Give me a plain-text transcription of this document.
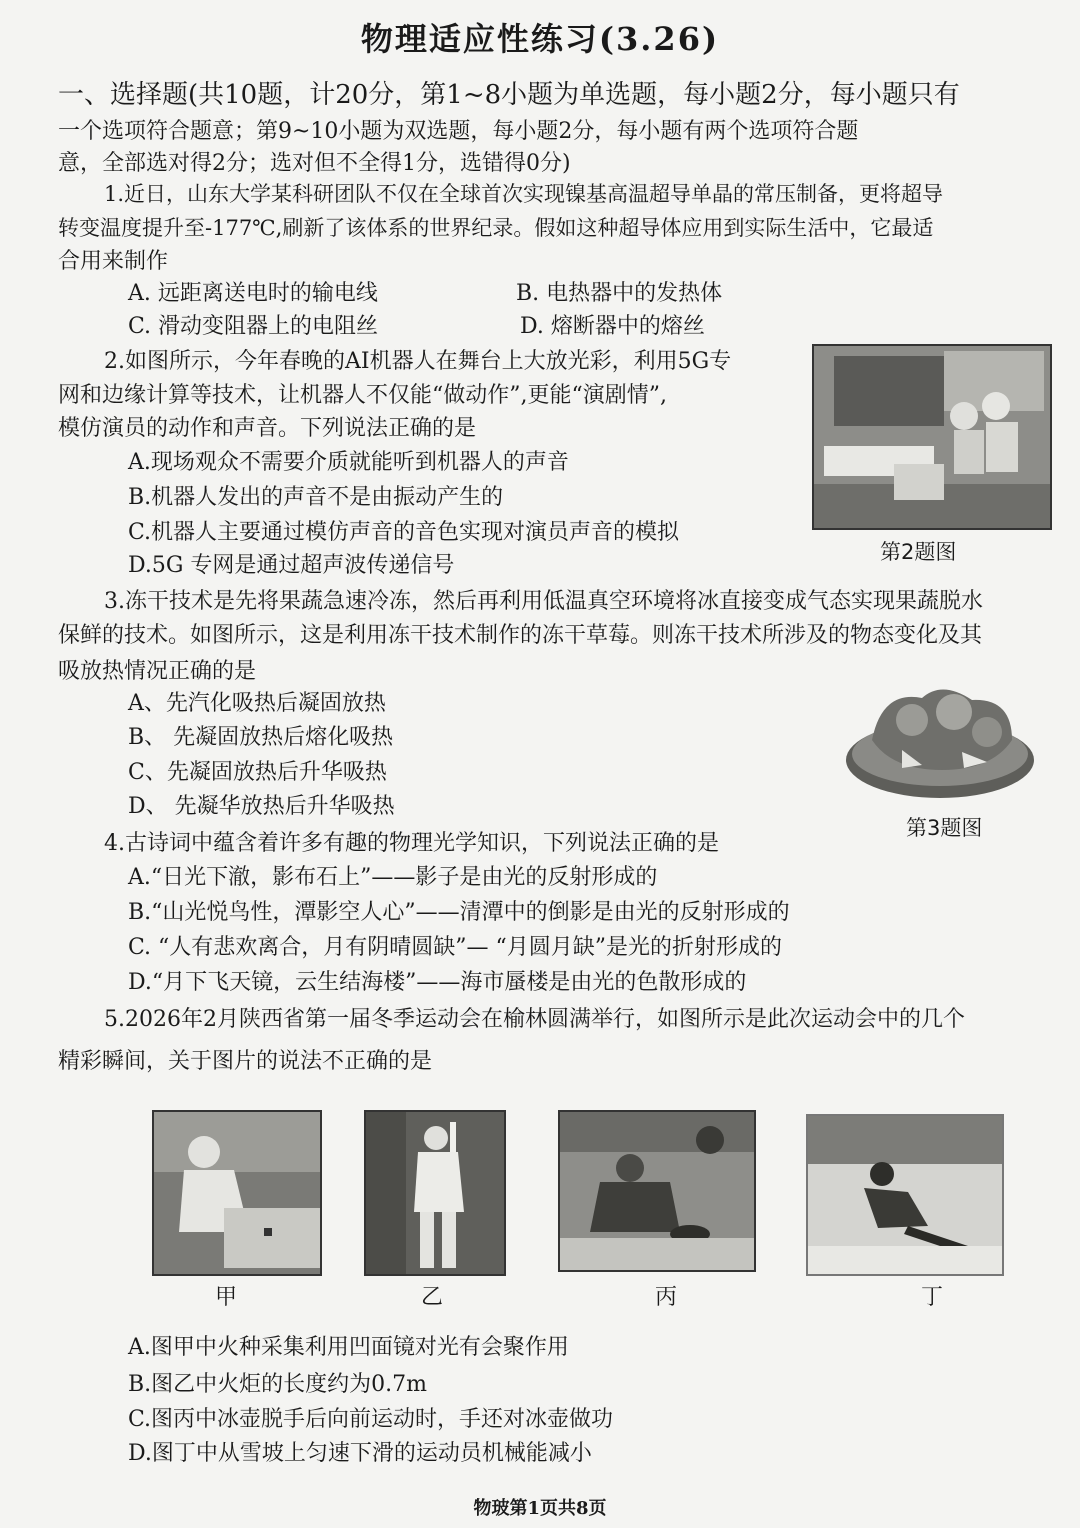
物理适应性练习(3.26)
一、选择题(共10题，计20分，第1~8小题为单选题，每小题2分，每小题只有
一个选项符合题意；第9~10小题为双选题，每小题2分，每小题有两个选项符合题
意，全部选对得2分；选对但不全得1分，选错得0分)
1.近日，山东大学某科研团队不仅在全球首次实现镍基高温超导单晶的常压制备，更将超导
转变温度提升至-177℃,刷新了该体系的世界纪录。假如这种超导体应用到实际生活中，它最适
合用来制作
A. 远距离送电时的输电线	B. 电热器中的发热体
C. 滑动变阻器上的电阻丝	D. 熔断器中的熔丝
2.如图所示，今年春晚的AI机器人在舞台上大放光彩，利用5G专
网和边缘计算等技术，让机器人不仅能“做动作”,更能“演剧情”,
模仿演员的动作和声音。下列说法正确的是
A.现场观众不需要介质就能听到机器人的声音
B.机器人发出的声音不是由振动产生的
C.机器人主要通过模仿声音的音色实现对演员声音的模拟
D.5G 专网是通过超声波传递信号
第2题图
3.冻干技术是先将果蔬急速冷冻，然后再利用低温真空环境将冰直接变成气态实现果蔬脱水
保鲜的技术。如图所示，这是利用冻干技术制作的冻干草莓。则冻干技术所涉及的物态变化及其
吸放热情况正确的是
A、先汽化吸热后凝固放热
B、 先凝固放热后熔化吸热
C、先凝固放热后升华吸热
D、 先凝华放热后升华吸热
第3题图
4.古诗词中蕴含着许多有趣的物理光学知识，下列说法正确的是
A.“日光下澈，影布石上”——影子是由光的反射形成的
B.“山光悦鸟性，潭影空人心”——清潭中的倒影是由光的反射形成的
C. “人有悲欢离合，月有阴晴圆缺”— “月圆月缺”是光的折射形成的
D.“月下飞天镜，云生结海楼”——海市蜃楼是由光的色散形成的
5.2026年2月陕西省第一届冬季运动会在榆林圆满举行，如图所示是此次运动会中的几个
精彩瞬间，关于图片的说法不正确的是
甲	乙	丙	丁
A.图甲中火种采集利用凹面镜对光有会聚作用
B.图乙中火炬的长度约为0.7m
C.图丙中冰壶脱手后向前运动时，手还对冰壶做功
D.图丁中从雪坡上匀速下滑的运动员机械能减小
物玻第1页共8页
